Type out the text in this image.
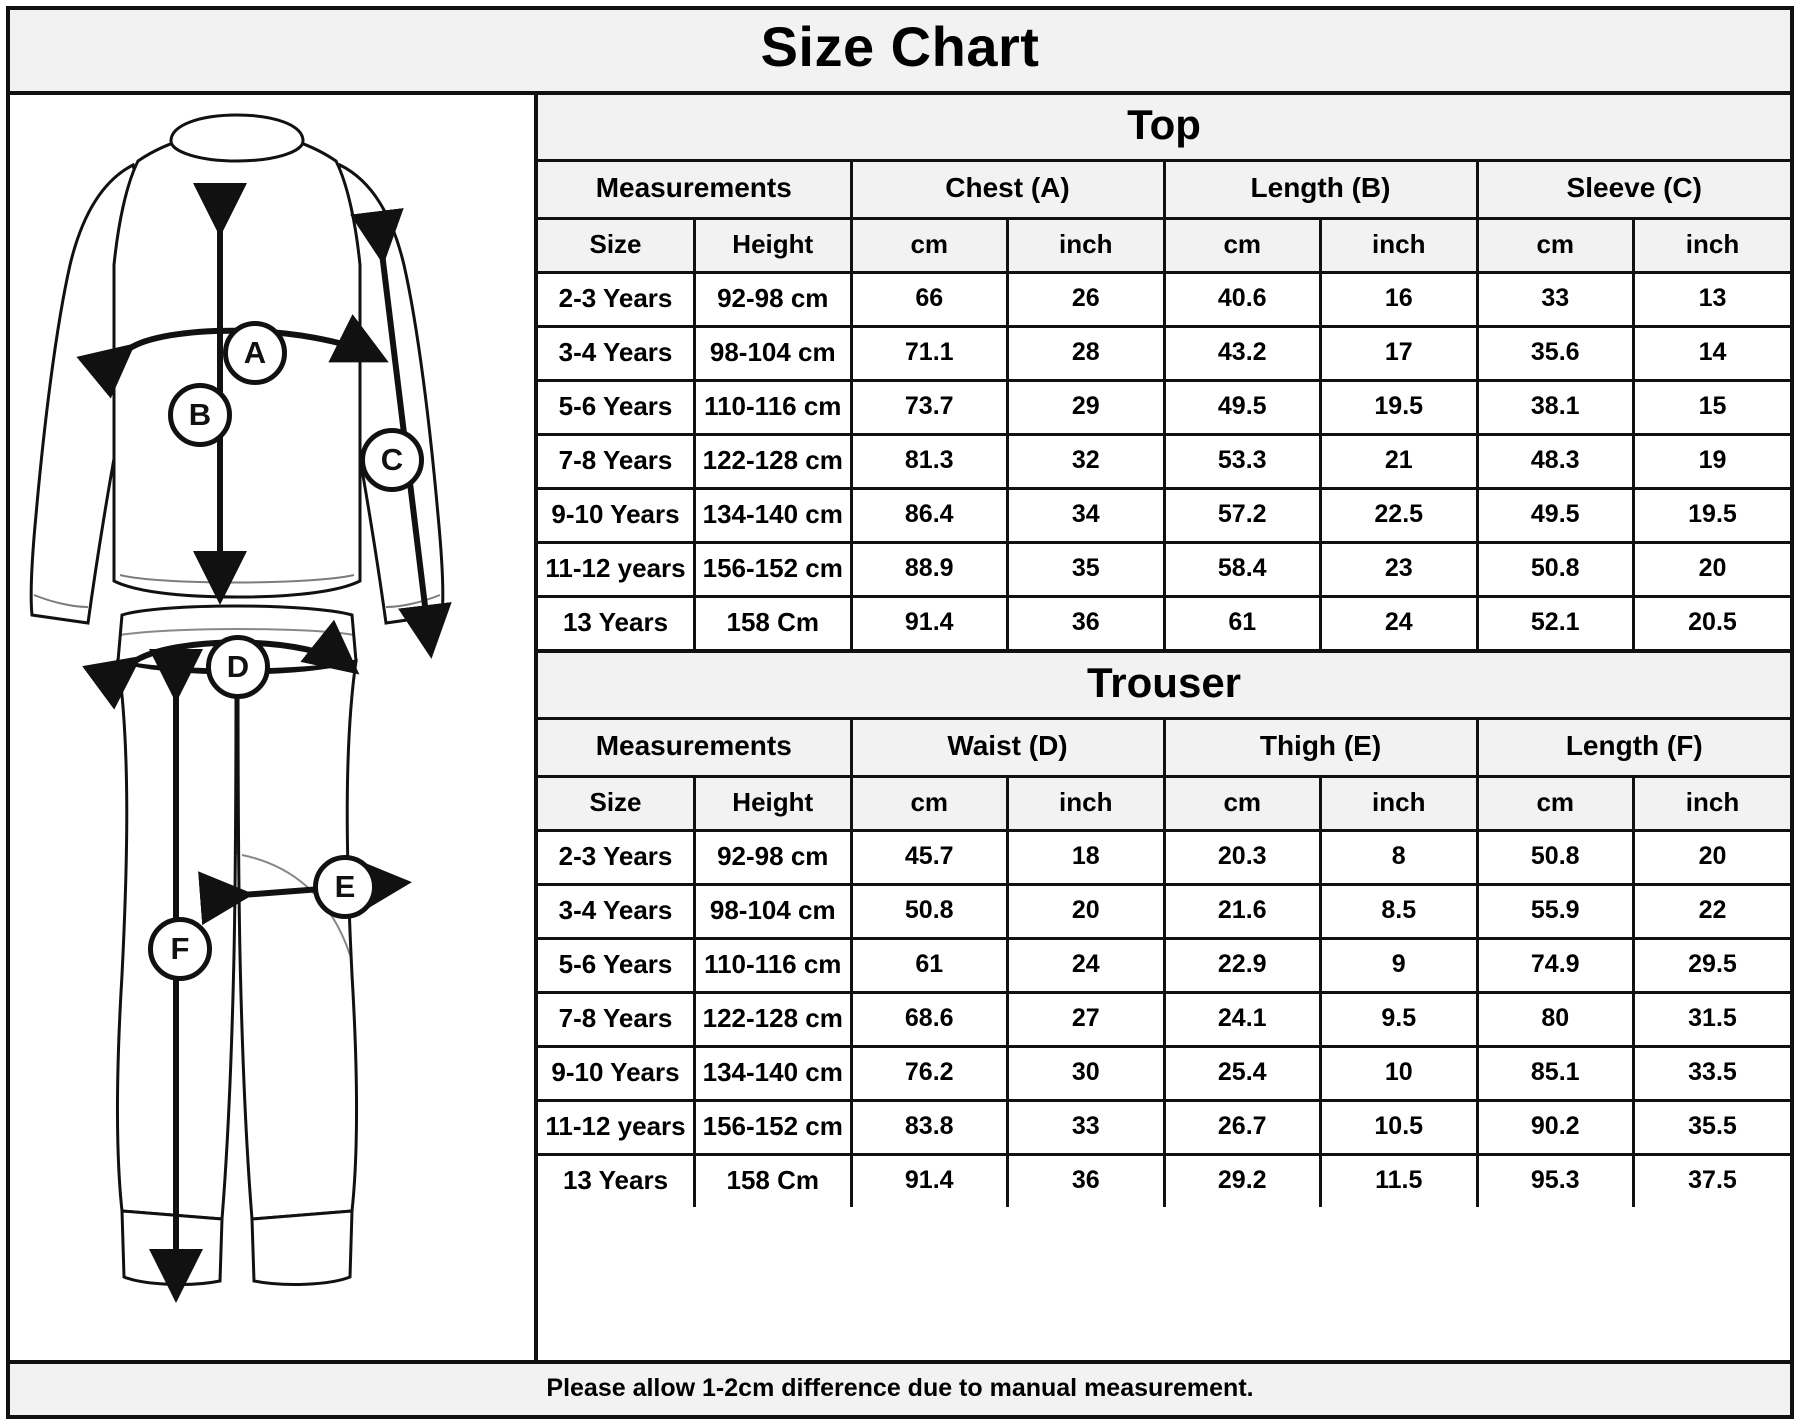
Size Chart
A
B
C
D
E
F
Top
Measurements		Chest (A)		Length (B)		Sleeve (C)	
Size	Height	cm	inch	cm	inch	cm	inch
2-3 Years	92-98 cm	66	26	40.6	16	33	13
3-4 Years	98-104 cm	71.1	28	43.2	17	35.6	14
5-6 Years	110-116 cm	73.7	29	49.5	19.5	38.1	15
7-8 Years	122-128 cm	81.3	32	53.3	21	48.3	19
9-10 Years	134-140 cm	86.4	34	57.2	22.5	49.5	19.5
11-12 years	156-152 cm	88.9	35	58.4	23	50.8	20
13 Years	158 Cm	91.4	36	61	24	52.1	20.5
Trouser
Measurements		Waist (D)		Thigh (E)		Length (F)	
Size	Height	cm	inch	cm	inch	cm	inch
2-3 Years	92-98 cm	45.7	18	20.3	8	50.8	20
3-4 Years	98-104 cm	50.8	20	21.6	8.5	55.9	22
5-6 Years	110-116 cm	61	24	22.9	9	74.9	29.5
7-8 Years	122-128 cm	68.6	27	24.1	9.5	80	31.5
9-10 Years	134-140 cm	76.2	30	25.4	10	85.1	33.5
11-12 years	156-152 cm	83.8	33	26.7	10.5	90.2	35.5
13 Years	158 Cm	91.4	36	29.2	11.5	95.3	37.5
Please allow 1-2cm difference due to manual measurement.
